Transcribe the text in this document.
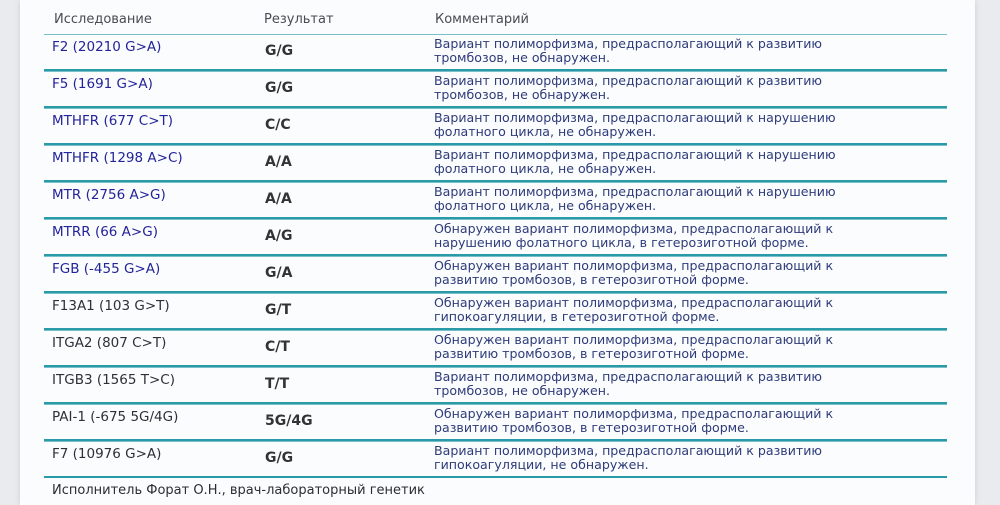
Исследование	Результат	Комментарий
F2 (20210 G>A)	G/G	Вариант полиморфизма, предрасполагающий к развитию
тромбозов, не обнаружен.
F5 (1691 G>A)	G/G	Вариант полиморфизма, предрасполагающий к развитию
тромбозов, не обнаружен.
MTHFR (677 C>T)	C/C	Вариант полиморфизма, предрасполагающий к нарушению
фолатного цикла, не обнаружен.
MTHFR (1298 A>C)	A/A	Вариант полиморфизма, предрасполагающий к нарушению
фолатного цикла, не обнаружен.
MTR (2756 A>G)	A/A	Вариант полиморфизма, предрасполагающий к нарушению
фолатного цикла, не обнаружен.
MTRR (66 A>G)	A/G	Обнаружен вариант полиморфизма, предрасполагающий к
нарушению фолатного цикла, в гетерозиготной форме.
FGB (-455 G>A)	G/A	Обнаружен вариант полиморфизма, предрасполагающий к
развитию тромбозов, в гетерозиготной форме.
F13A1 (103 G>T)	G/T	Обнаружен вариант полиморфизма, предрасполагающий к
гипокоагуляции, в гетерозиготной форме.
ITGA2 (807 C>T)	C/T	Обнаружен вариант полиморфизма, предрасполагающий к
развитию тромбозов, в гетерозиготной форме.
ITGB3 (1565 T>C)	T/T	Вариант полиморфизма, предрасполагающий к развитию
тромбозов, не обнаружен.
PAI-1 (-675 5G/4G)	5G/4G	Обнаружен вариант полиморфизма, предрасполагающий к
развитию тромбозов, в гетерозиготной форме.
F7 (10976 G>A)	G/G	Вариант полиморфизма, предрасполагающий к развитию
гипокоагуляции, не обнаружен.
Исполнитель Форат О.Н., врач-лабораторный генетик
